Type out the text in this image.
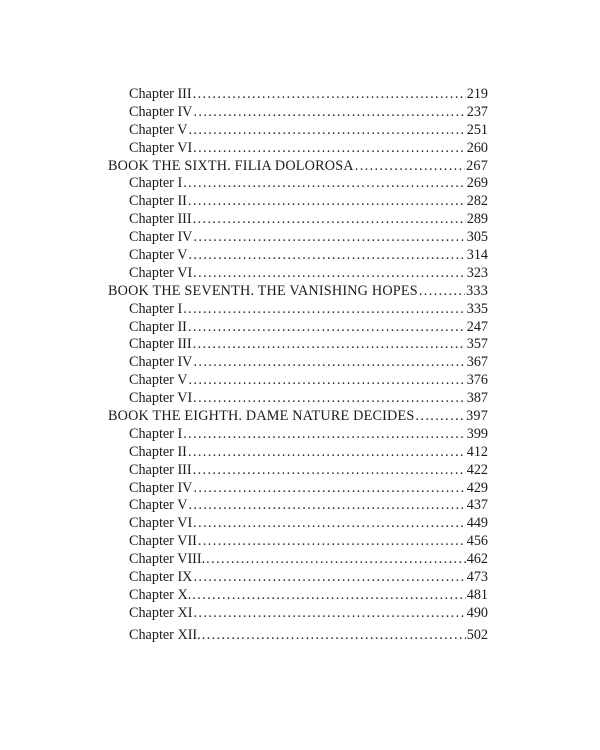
Chapter III .....	219
Chapter IV .....	237
Chapter V .....	251
Chapter VI .....	260
BOOK THE SIXTH. FILIA DOLOROSA .....	267
Chapter I .....	269
Chapter II .....	282
Chapter III .....	289
Chapter IV .....	305
Chapter V .....	314
Chapter VI .....	323
BOOK THE SEVENTH. THE VANISHING HOPES .....	333
Chapter I .....	335
Chapter II .....	247
Chapter III .....	357
Chapter IV .....	367
Chapter V .....	376
Chapter VI .....	387
BOOK THE EIGHTH. DAME NATURE DECIDES .....	397
Chapter I .....	399
Chapter II .....	412
Chapter III .....	422
Chapter IV .....	429
Chapter V .....	437
Chapter VI .....	449
Chapter VII .....	456
Chapter VIII. .....	462
Chapter IX .....	473
Chapter X. .....	481
Chapter XI .....	490
Chapter XII. .....	502
